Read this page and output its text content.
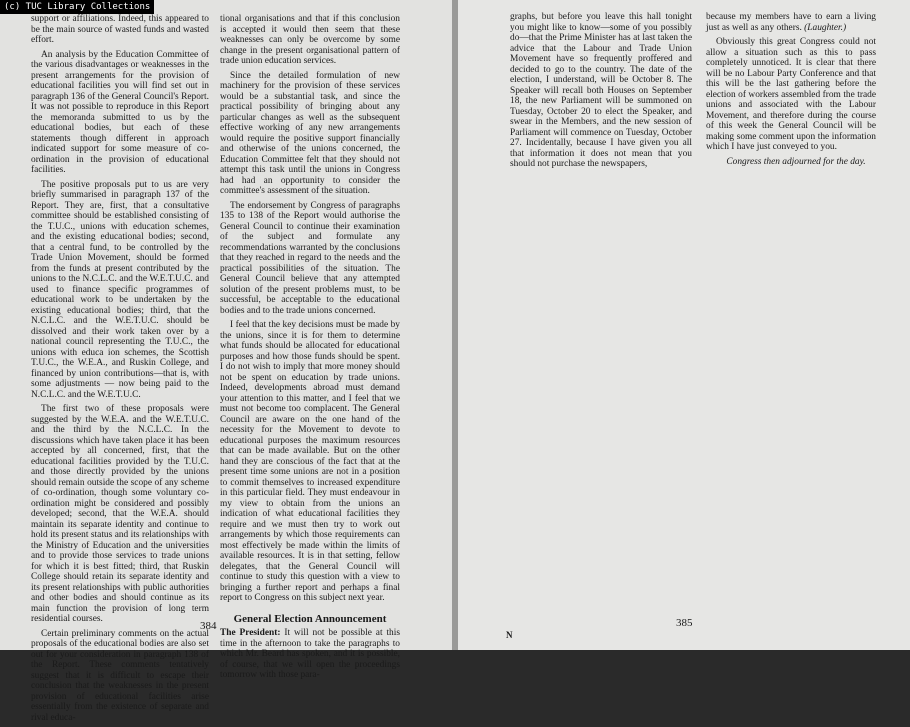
(c) TUC Library Collections

support or affiliations. Indeed, this appeared to be the main source of wasted funds and wasted effort.

An analysis by the Education Committee of the various disadvantages or weaknesses in the present arrangements for the provision of educational facilities you will find set out in paragraph 136 of the General Council's Report. It was not possible to reproduce in this Report the memoranda submitted to us by the educational bodies, but each of these statements though different in approach indicated support for some measure of co-ordination in the provision of educational facilities.

The positive proposals put to us are very briefly summarised in paragraph 137 of the Report. They are, first, that a consultative committee should be established consisting of the T.U.C., unions with education schemes, and the existing educational bodies; second, that a central fund, to be controlled by the Trade Union Movement, should be formed from the funds at present contributed by the unions to the N.C.L.C. and the W.E.T.U.C. and used to finance specific programmes of educational work to be undertaken by the existing educational bodies; third, that the N.C.L.C. and the W.E.T.U.C. should be dissolved and their work taken over by a national council representing the T.U.C., the unions with educa ion schemes, the Scottish T.U.C., the W.E.A., and Ruskin College, and financed by union contributions—that is, with some adjustments — now being paid to the N.C.L.C. and the W.E.T.U.C.

The first two of these proposals were suggested by the W.E.A. and the W.E.T.U.C. and the third by the N.C.L.C. In the discussions which have taken place it has been accepted by all concerned, first, that the educational facilities provided by the T.U.C. and those directly provided by the unions should remain outside the scope of any scheme of co-ordination, though some voluntary co-ordination might be considered and possibly developed; second, that the W.E.A. should maintain its separate identity and continue to hold its present status and its relationships with the Ministry of Education and the universities and to provide those services to trade unions for which it is best fitted; third, that Ruskin College should retain its separate identity and its present relationships with public authorities and other bodies and should continue as its main function the provision of long term residential courses.

Certain preliminary comments on the actual proposals of the educational bodies are also set out for your consideration in paragraph 138 of the Report. These comments tentatively suggest that it is difficult to escape their conclusion that the weaknesses in the present provision of educational facilities arise essentially from the existence of separate and rival educa-

tional organisations and that if this conclusion is accepted it would then seem that these weaknesses can only be overcome by some change in the present organisational pattern of trade union education services.

Since the detailed formulation of new machinery for the provision of these services would be a substantial task, and since the practical possibility of bringing about any particular changes as well as the subsequent effective working of any new arrangements would require the positive support financially and otherwise of the unions concerned, the Education Committee felt that they should not attempt this task until the unions in Congress had had an opportunity to consider the committee's assessment of the situation.

The endorsement by Congress of paragraphs 135 to 138 of the Report would authorise the General Council to continue their examination of the subject and formulate any recommendations warranted by the conclusions that they reached in regard to the needs and the practical possibilities of the situation. The General Council believe that any attempted solution of the present problems must, to be successful, be acceptable to the educational bodies and to the trade unions concerned.

I feel that the key decisions must be made by the unions, since it is for them to determine what funds should be allocated for educational purposes and how those funds should be spent. I do not wish to imply that more money should not be spent on education by trade unions. Indeed, developments abroad must demand your attention to this matter, and I feel that we must not become too complacent. The General Council are aware on the one hand of the necessity for the Movement to devote to educational purposes the maximum resources that can be made available. But on the other hand they are conscious of the fact that at the present time some unions are not in a position to commit themselves to increased expenditure in this particular field. They must endeavour in my view to obtain from the unions an indication of what educational facilities they require and we must then try to work out arrangements by which those requirements can most effectively be made within the limits of available resources. It is in that setting, fellow delegates, that the General Council will continue to study this question with a view to bringing a further report and perhaps a final report to Congress on this subject next year.

General Election Announcement

The President: It will not be possible at this time in the afternoon to take the paragraphs to which Mr. Beard has spoken, and it is possible, of course, that we will open the proceedings tomorrow with those para-

384

graphs, but before you leave this hall tonight you might like to know—some of you possibly do—that the Prime Minister has at last taken the advice that the Labour and Trade Union Movement have so frequently proffered and decided to go to the country. The date of the election, I understand, will be October 8. The Speaker will recall both Houses on September 18, the new Parliament will be summoned on Tuesday, October 20 to elect the Speaker, and swear in the Members, and the new session of Parliament will commence on Tuesday, October 27. Incidentally, because I have given you all that information it does not mean that you should not purchase the newspapers,

because my members have to earn a living just as well as any others. (Laughter.)

Obviously this great Congress could not allow a situation such as this to pass completely unnoticed. It is clear that there will be no Labour Party Conference and that this will be the last gathering before the election of workers assembled from the trade unions and associated with the Labour Movement, and therefore during the course of this week the General Council will be making some comment upon the information which I have just conveyed to you.

Congress then adjourned for the day.

N
385
